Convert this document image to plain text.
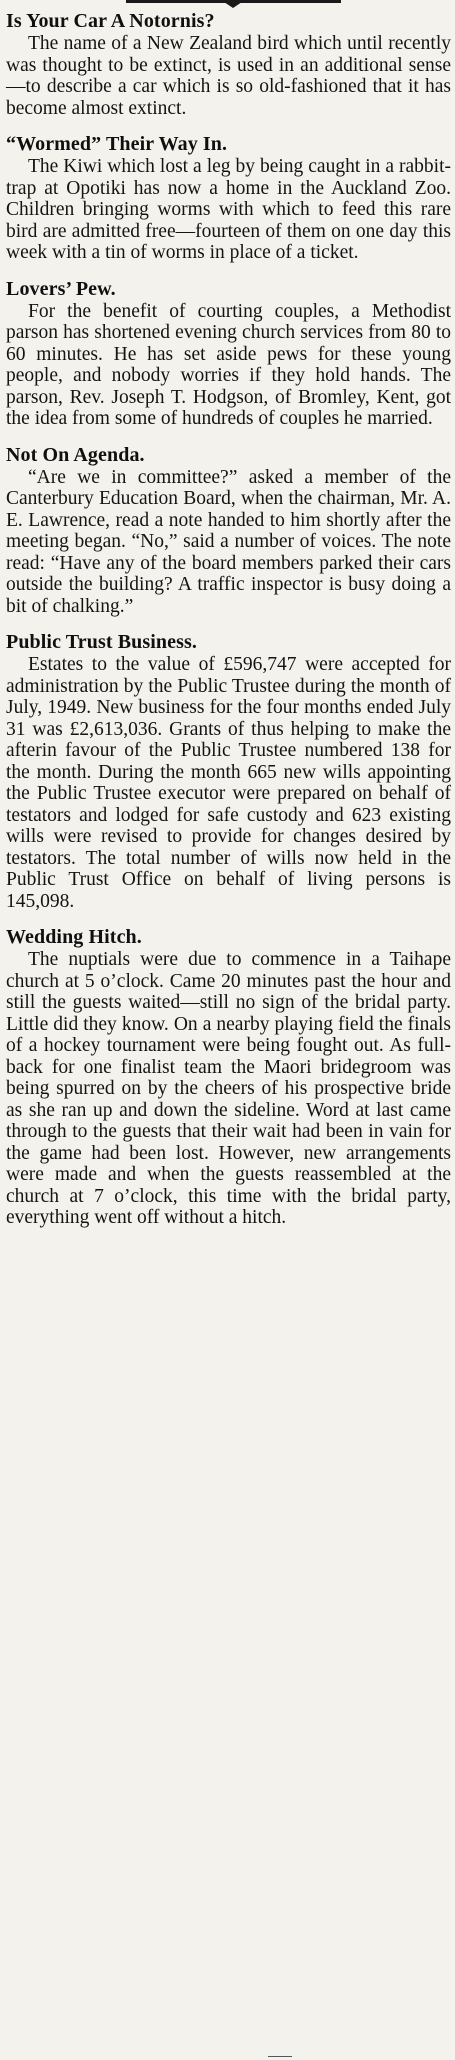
Is Your Car A Notornis?

The name of a New Zealand bird which until recently was thought to be extinct, is used in an additional sense—to describe a car which is so old-fashioned that it has become almost extinct.

“Wormed” Their Way In.

The Kiwi which lost a leg by being caught in a rabbit-trap at Opotiki has now a home in the Auckland Zoo. Children bringing worms with which to feed this rare bird are admitted free—fourteen of them on one day this week with a tin of worms in place of a ticket.

Lovers’ Pew.

For the benefit of courting couples, a Methodist parson has shortened evening church services from 80 to 60 minutes. He has set aside pews for these young people, and nobody worries if they hold hands. The parson, Rev. Joseph T. Hodgson, of Bromley, Kent, got the idea from some of hundreds of couples he married.

Not On Agenda.

“Are we in committee?” asked a member of the Canterbury Education Board, when the chairman, Mr. A. E. Lawrence, read a note handed to him shortly after the meeting began. “No,” said a number of voices. The note read: “Have any of the board members parked their cars outside the building? A traffic inspector is busy doing a bit of chalking.”

Public Trust Business.

Estates to the value of £596,747 were accepted for administration by the Public Trustee during the month of July, 1949. New business for the four months ended July 31 was £2,613,036. Grants of thus helping to make the afterin favour of the Public Trustee numbered 138 for the month. During the month 665 new wills appointing the Public Trustee executor were prepared on behalf of testators and lodged for safe custody and 623 existing wills were revised to provide for changes desired by testators. The total number of wills now held in the Public Trust Office on behalf of living persons is 145,098.

Wedding Hitch.

The nuptials were due to commence in a Taihape church at 5 o’clock. Came 20 minutes past the hour and still the guests waited—still no sign of the bridal party. Little did they know. On a nearby playing field the finals of a hockey tournament were being fought out. As full-back for one finalist team the Maori bridegroom was being spurred on by the cheers of his prospective bride as she ran up and down the sideline. Word at last came through to the guests that their wait had been in vain for the game had been lost. However, new arrangements were made and when the guests reassembled at the church at 7 o’clock, this time with the bridal party, everything went off without a hitch.
